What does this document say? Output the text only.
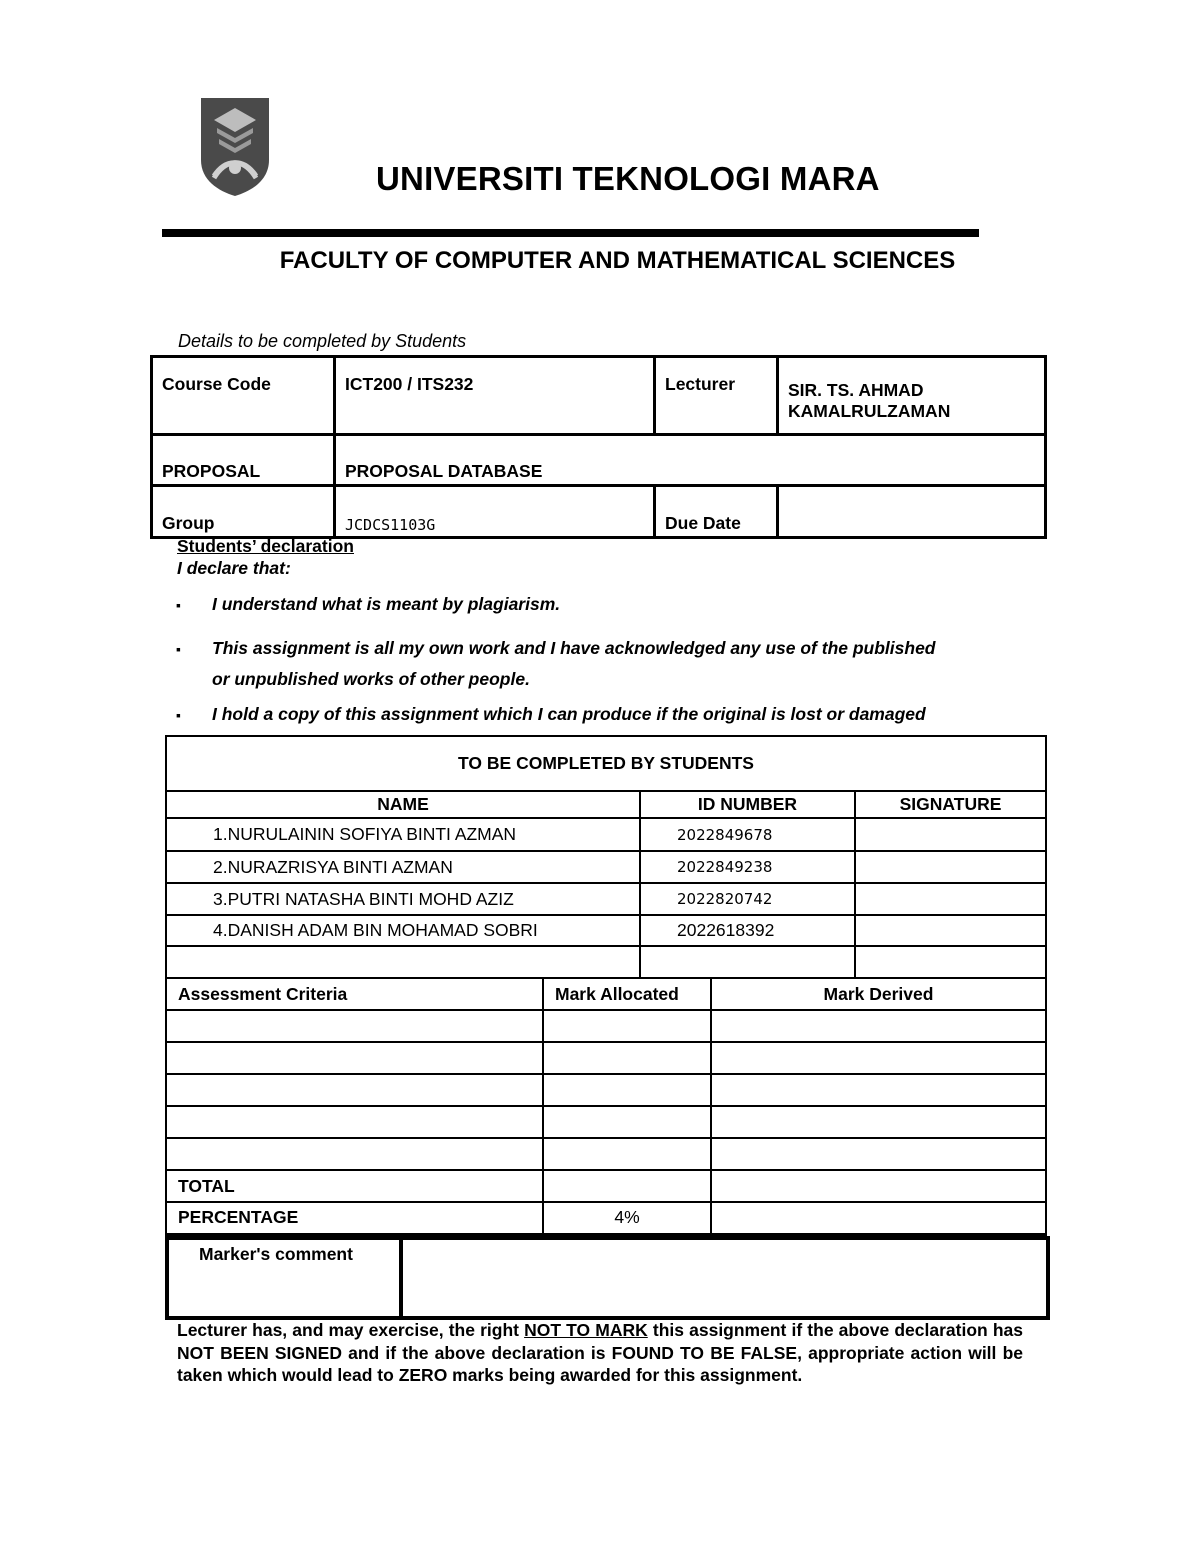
UNIVERSITI TEKNOLOGI MARA
FACULTY OF COMPUTER AND MATHEMATICAL SCIENCES
Details to be completed by Students
Course Code	ICT200 / ITS232	Lecturer	SIR. TS. AHMAD
KAMALRULZAMAN

PROPOSAL	PROPOSAL DATABASE		
Group	JCDCS1103G	Due Date	
Students’ declaration
I declare that:
▪ I understand what is meant by plagiarism.
▪ This assignment is all my own work and I have acknowledged any use of the published
or unpublished works of other people.
▪ I hold a copy of this assignment which I can produce if the original is lost or damaged
TO BE COMPLETED BY STUDENTS		
NAME	ID NUMBER	SIGNATURE
1.NURULAININ SOFIYA BINTI AZMAN	2022849678	
2.NURAZRISYA BINTI AZMAN	2022849238	
3.PUTRI NATASHA BINTI MOHD AZIZ	2022820742	
4.DANISH ADAM BIN MOHAMAD SOBRI	2022618392	

Assessment Criteria	Mark Allocated	Mark Derived

TOTAL		
PERCENTAGE	4%	
Marker's comment	
Lecturer has, and may exercise, the right NOT TO MARK this assignment if the above declaration has NOT BEEN SIGNED and if the above declaration is FOUND TO BE FALSE, appropriate action will be taken which would lead to ZERO marks being awarded for this assignment.
